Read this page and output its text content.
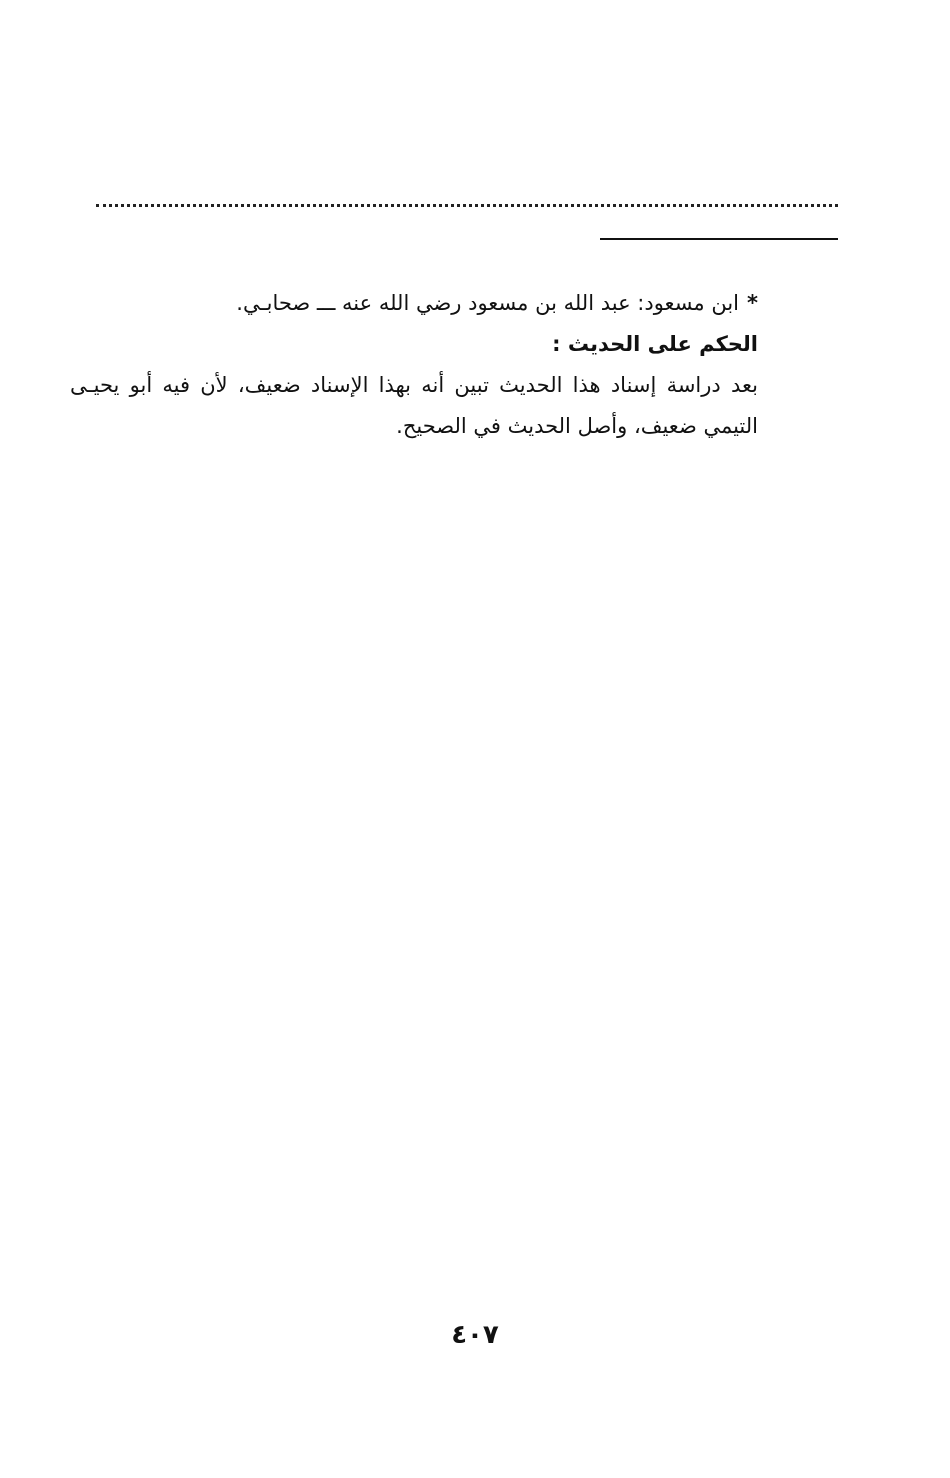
*ابن مسعود: عبد الله بن مسعود رضي الله عنه ـــ صحابـي.
الحكم على الحديث :
بعد دراسة إسناد هذا الحديث تبين أنه بهذا الإسناد ضعيف، لأن فيه أبو يحيـى التيمي ضعيف، وأصل الحديث في الصحيح.
٤٠٧
